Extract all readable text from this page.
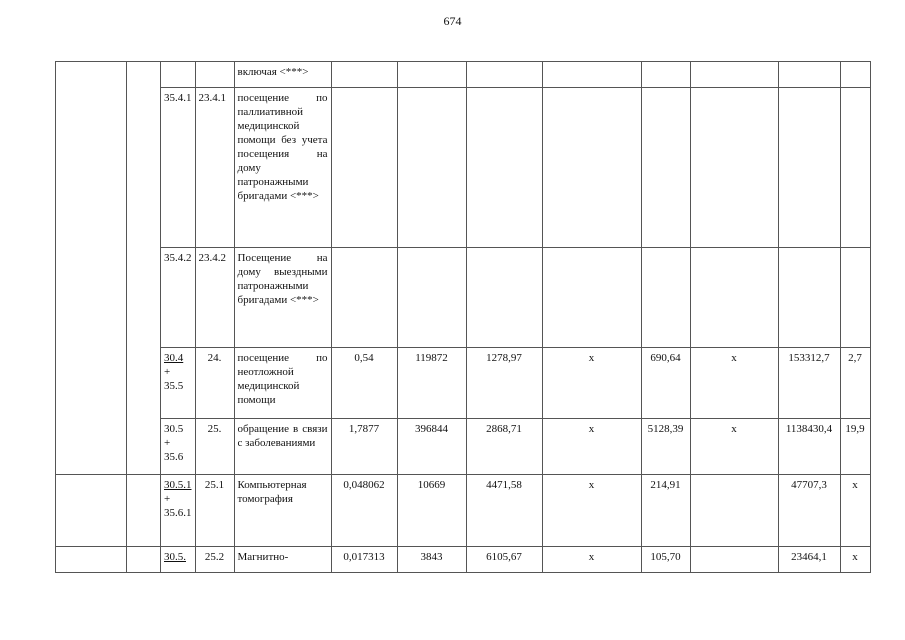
674
				включая <***>								
		35.4.1	23.4.1	посещение по паллиативной медицинской помощи без учета посещения на дому патронажными бригадами <***>								
		35.4.2	23.4.2	Посещение на дому выездными патронажными бригадами <***>								
		30.4 + 35.5	24.	посещение по неотложной медицинской помощи	0,54	119872	1278,97	x	690,64	x	153312,7	2,7
		30.5 + 35.6	25.	обращение в связи с заболеваниями	1,7877	396844	2868,71	x	5128,39	x	1138430,4	19,9
		30.5.1 + 35.6.1	25.1	Компьютерная томография	0,048062	10669	4471,58	x	214,91		47707,3	x
		30.5.	25.2	Магнитно-	0,017313	3843	6105,67	x	105,70		23464,1	x
